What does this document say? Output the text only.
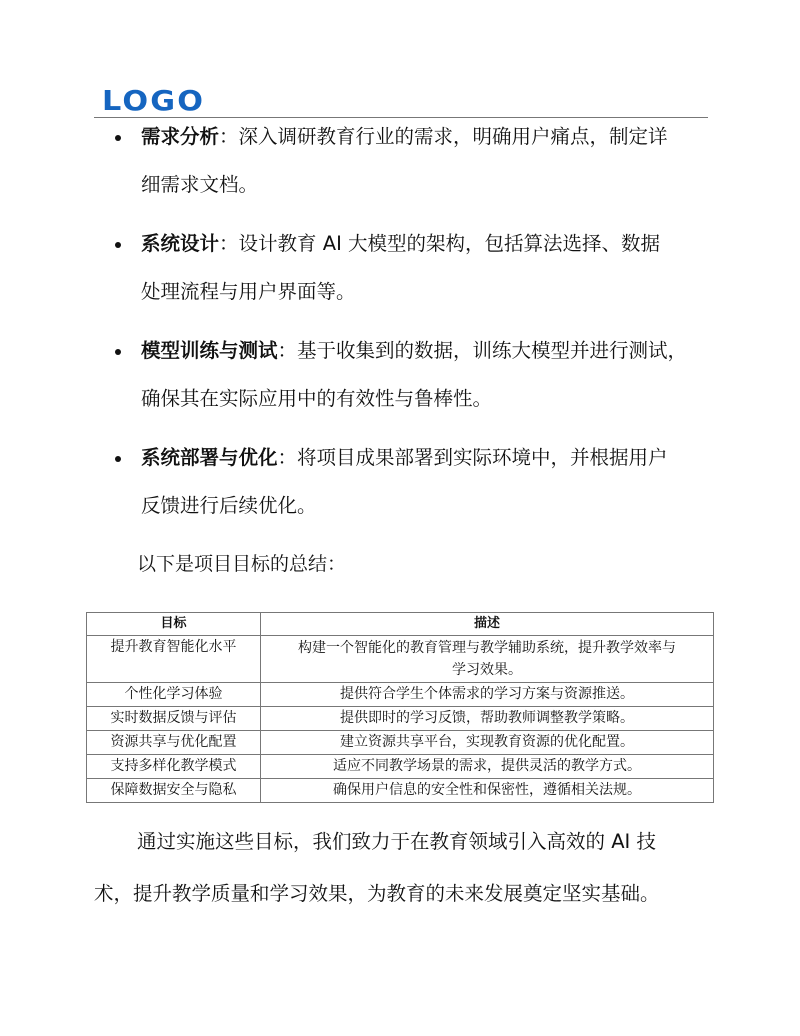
LOGO
需求分析：深入调研教育行业的需求，明确用户痛点，制定详
细需求文档。
系统设计：设计教育 AI 大模型的架构，包括算法选择、数据
处理流程与用户界面等。
模型训练与测试：基于收集到的数据，训练大模型并进行测试，
确保其在实际应用中的有效性与鲁棒性。
系统部署与优化：将项目成果部署到实际环境中，并根据用户
反馈进行后续优化。
以下是项目目标的总结：
目标	描述
提升教育智能化水平	构建一个智能化的教育管理与教学辅助系统，提升教学效率与
学习效果。
个性化学习体验	提供符合学生个体需求的学习方案与资源推送。
实时数据反馈与评估	提供即时的学习反馈，帮助教师调整教学策略。
资源共享与优化配置	建立资源共享平台，实现教育资源的优化配置。
支持多样化教学模式	适应不同教学场景的需求，提供灵活的教学方式。
保障数据安全与隐私	确保用户信息的安全性和保密性，遵循相关法规。
通过实施这些目标，我们致力于在教育领域引入高效的 AI 技
术，提升教学质量和学习效果，为教育的未来发展奠定坚实基础。
